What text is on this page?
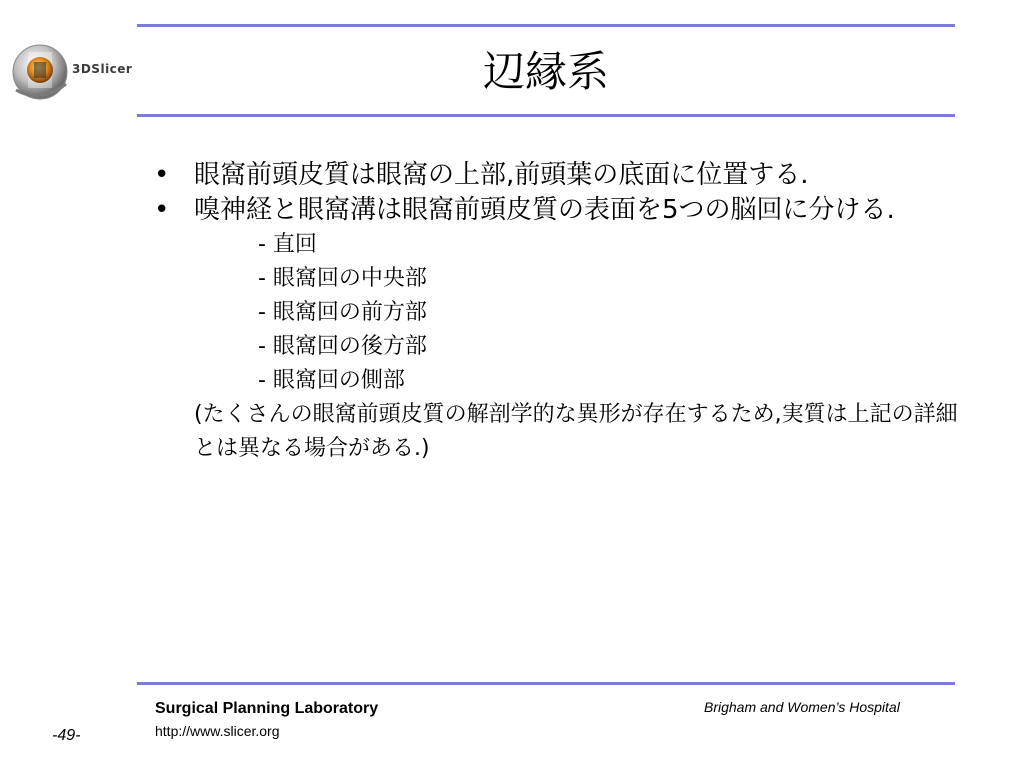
3DSlicer	辺縁系
• 眼窩前頭皮質は眼窩の上部,前頭葉の底面に位置する.
• 嗅神経と眼窩溝は眼窩前頭皮質の表面を5つの脳回に分ける.
- 直回
- 眼窩回の中央部
- 眼窩回の前方部
- 眼窩回の後方部
- 眼窩回の側部
(たくさんの眼窩前頭皮質の解剖学的な異形が存在するため,実質は上記の詳細とは異なる場合がある.)
Surgical Planning Laboratory
http://www.slicer.org
Brigham and Women’s Hospital
-49-
